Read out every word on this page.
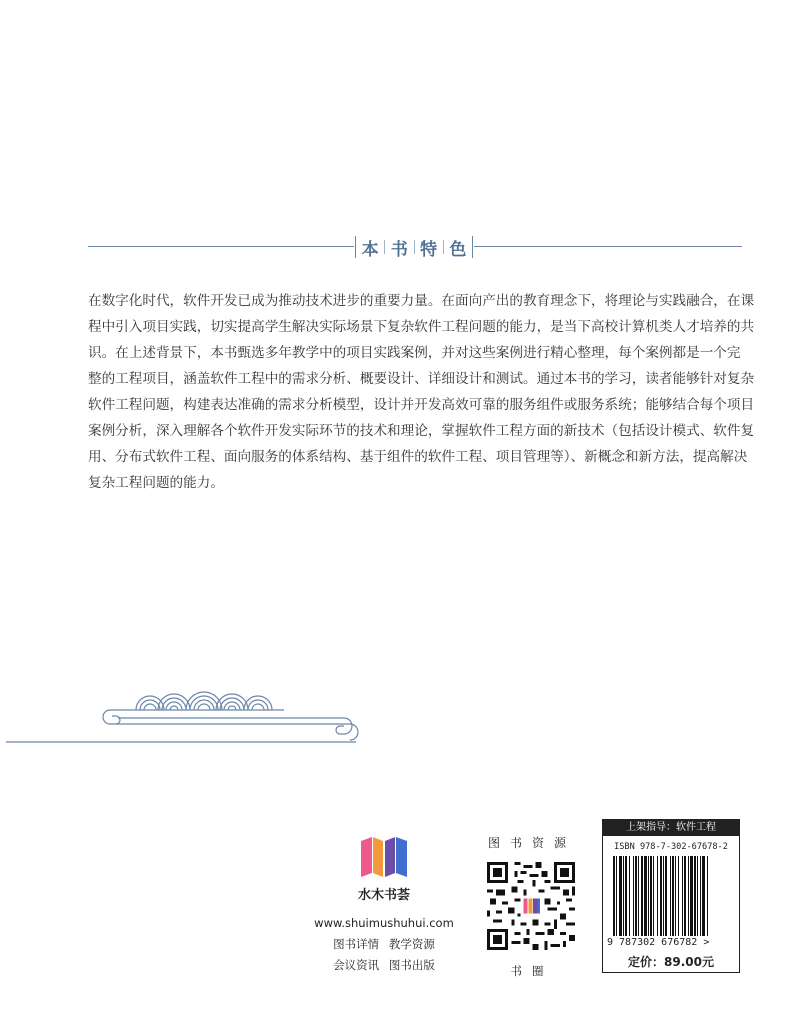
本 书 特 色

在数字化时代，软件开发已成为推动技术进步的重要力量。在面向产出的教育理念下，将理论与实践融合，在课

程中引入项目实践，切实提高学生解决实际场景下复杂软件工程问题的能力，是当下高校计算机类人才培养的共

识。在上述背景下，本书甄选多年教学中的项目实践案例，并对这些案例进行精心整理，每个案例都是一个完

整的工程项目，涵盖软件工程中的需求分析、概要设计、详细设计和测试。通过本书的学习，读者能够针对复杂

软件工程问题，构建表达准确的需求分析模型，设计并开发高效可靠的服务组件或服务系统；能够结合每个项目

案例分析，深入理解各个软件开发实际环节的技术和理论，掌握软件工程方面的新技术（包括设计模式、软件复

用、分布式软件工程、面向服务的体系结构、基于组件的软件工程、项目管理等）、新概念和新方法，提高解决

复杂工程问题的能力。

水木书荟
www.shuimushuhui.com
图书详情 教学资源
会议资讯 图书出版
图书资源
书圈
上架指导：软件工程
ISBN 978-7-302-67678-2
9 787302 676782 >
定价：89.00元
